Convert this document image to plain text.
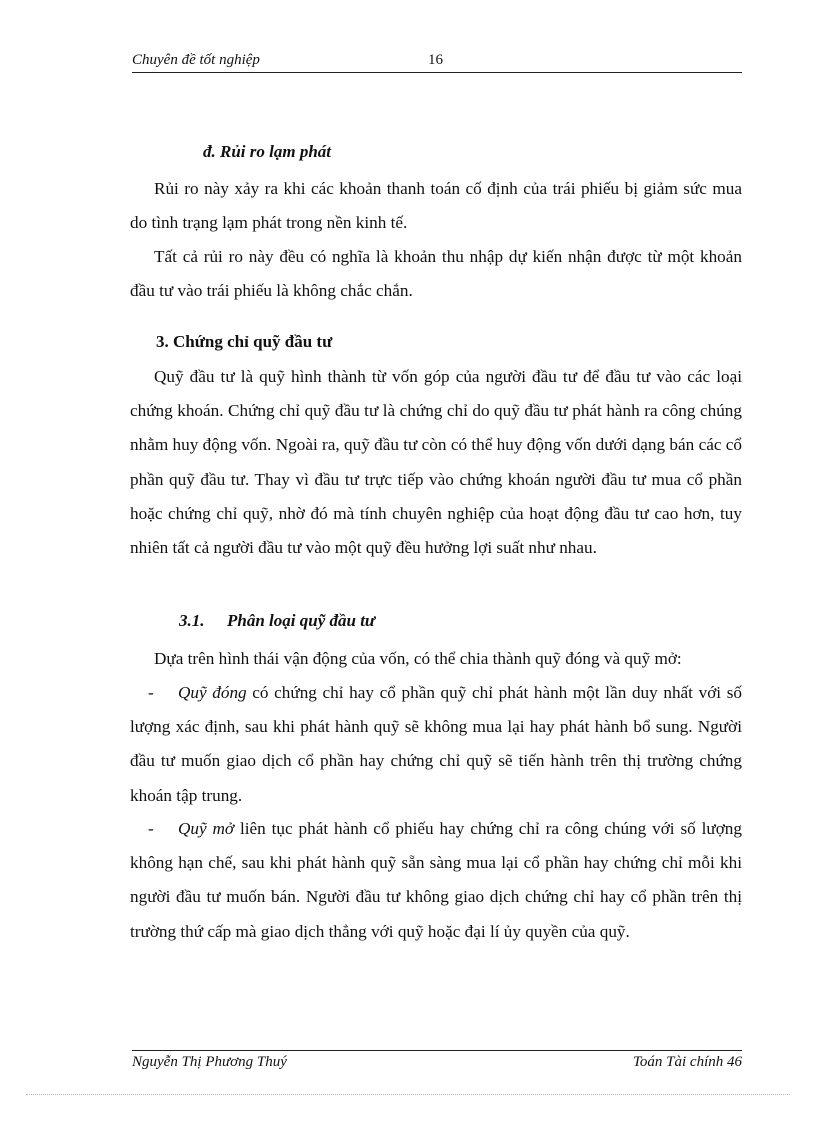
Chuyên đề tốt nghiệp	16
đ. Rủi ro lạm phát
Rủi ro này xảy ra khi các khoản thanh toán cố định của trái phiếu bị giảm sức mua do tình trạng lạm phát trong nền kinh tế.
Tất cả rủi ro này đều có nghĩa là khoản thu nhập dự kiến nhận được từ một khoản đầu tư vào trái phiếu là không chắc chắn.
3. Chứng chỉ quỹ đầu tư
Quỹ đầu tư là quỹ hình thành từ vốn góp của người đầu tư để đầu tư vào các loại chứng khoán. Chứng chỉ quỹ đầu tư là chứng chỉ do quỹ đầu tư phát hành ra công chúng nhằm huy động vốn. Ngoài ra, quỹ đầu tư còn có thể huy động vốn dưới dạng bán các cổ phần quỹ đầu tư. Thay vì đầu tư trực tiếp vào chứng khoán người đầu tư mua cổ phần hoặc chứng chỉ quỹ, nhờ đó mà tính chuyên nghiệp của hoạt động đầu tư cao hơn, tuy nhiên tất cả người đầu tư vào một quỹ đều hưởng lợi suất như nhau.
3.1. Phân loại quỹ đầu tư
Dựa trên hình thái vận động của vốn, có thể chia thành quỹ đóng và quỹ mở:
- Quỹ đóng có chứng chỉ hay cổ phần quỹ chỉ phát hành một lần duy nhất với số lượng xác định, sau khi phát hành quỹ sẽ không mua lại hay phát hành bổ sung. Người đầu tư muốn giao dịch cổ phần hay chứng chỉ quỹ sẽ tiến hành trên thị trường chứng khoán tập trung.
- Quỹ mở liên tục phát hành cổ phiếu hay chứng chỉ ra công chúng với số lượng không hạn chế, sau khi phát hành quỹ sẵn sàng mua lại cổ phần hay chứng chỉ mỗi khi người đầu tư muốn bán. Người đầu tư không giao dịch chứng chỉ hay cổ phần trên thị trường thứ cấp mà giao dịch thẳng với quỹ hoặc đại lí ủy quyền của quỹ.
Nguyễn Thị Phương Thuý	Toán Tài chính 46
